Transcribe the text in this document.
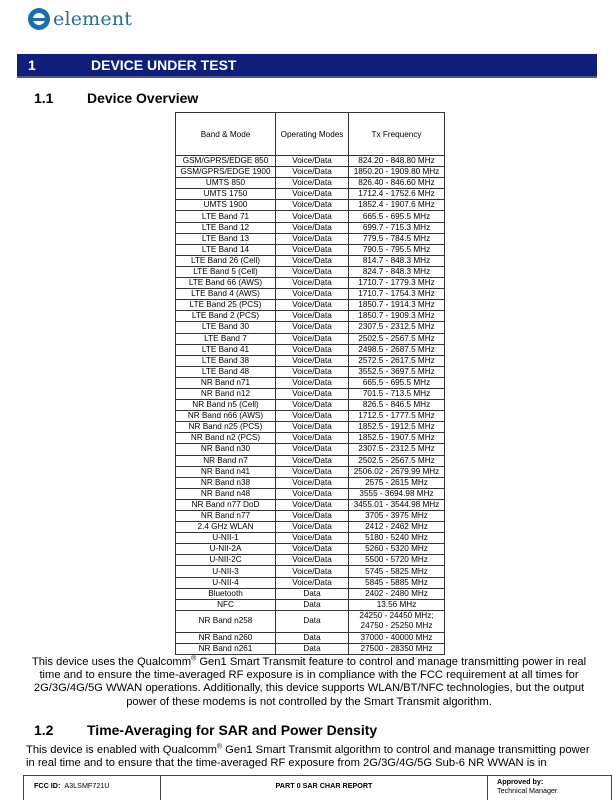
element
1	DEVICE UNDER TEST
1.1	Device Overview
Band & Mode	Operating Modes	Tx Frequency
GSM/GPRS/EDGE 850	Voice/Data	824.20 - 848.80 MHz
GSM/GPRS/EDGE 1900	Voice/Data	1850.20 - 1909.80 MHz
UMTS 850	Voice/Data	826.40 - 846.60 MHz
UMTS 1750	Voice/Data	1712.4 - 1752.6 MHz
UMTS 1900	Voice/Data	1852.4 - 1907.6 MHz
LTE Band 71	Voice/Data	665.5 - 695.5 MHz
LTE Band 12	Voice/Data	699.7 - 715.3 MHz
LTE Band 13	Voice/Data	779.5 - 784.5 MHz
LTE Band 14	Voice/Data	790.5 - 795.5 MHz
LTE Band 26 (Cell)	Voice/Data	814.7 - 848.3 MHz
LTE Band 5 (Cell)	Voice/Data	824.7 - 848.3 MHz
LTE Band 66 (AWS)	Voice/Data	1710.7 - 1779.3 MHz
LTE Band 4 (AWS)	Voice/Data	1710.7 - 1754.3 MHz
LTE Band 25 (PCS)	Voice/Data	1850.7 - 1914.3 MHz
LTE Band 2 (PCS)	Voice/Data	1850.7 - 1909.3 MHz
LTE Band 30	Voice/Data	2307.5 - 2312.5 MHz
LTE Band 7	Voice/Data	2502.5 - 2567.5 MHz
LTE Band 41	Voice/Data	2498.5 - 2687.5 MHz
LTE Band 38	Voice/Data	2572.5 - 2617.5 MHz
LTE Band 48	Voice/Data	3552.5 - 3697.5 MHz
NR Band n71	Voice/Data	665.5 - 695.5 MHz
NR Band n12	Voice/Data	701.5 - 713.5 MHz
NR Band n5 (Cell)	Voice/Data	826.5 - 846.5 MHz
NR Band n66 (AWS)	Voice/Data	1712.5 - 1777.5 MHz
NR Band n25 (PCS)	Voice/Data	1852.5 - 1912.5 MHz
NR Band n2 (PCS)	Voice/Data	1852.5 - 1907.5 MHz
NR Band n30	Voice/Data	2307.5 - 2312.5 MHz
NR Band n7	Voice/Data	2502.5 - 2567.5 MHz
NR Band n41	Voice/Data	2506.02 - 2679.99 MHz
NR Band n38	Voice/Data	2575 - 2615 MHz
NR Band n48	Voice/Data	3555 - 3694.98 MHz
NR Band n77 DoD	Voice/Data	3455.01 - 3544.98 MHz
NR Band n77	Voice/Data	3705 - 3975 MHz
2.4 GHz WLAN	Voice/Data	2412 - 2462 MHz
U-NII-1	Voice/Data	5180 - 5240 MHz
U-NII-2A	Voice/Data	5260 - 5320 MHz
U-NII-2C	Voice/Data	5500 - 5720 MHz
U-NII-3	Voice/Data	5745 - 5825 MHz
U-NII-4	Voice/Data	5845 - 5885 MHz
Bluetooth	Data	2402 - 2480 MHz
NFC	Data	13.56 MHz
NR Band n258	Data	24250 - 24450 MHz;
24750 - 25250 MHz

NR Band n260	Data	37000 - 40000 MHz
NR Band n261	Data	27500 - 28350 MHz
This device uses the Qualcomm® Gen1 Smart Transmit feature to control and manage transmitting power in real time and to ensure the time-averaged RF exposure is in compliance with the FCC requirement at all times for 2G/3G/4G/5G WWAN operations. Additionally, this device supports WLAN/BT/NFC technologies, but the output power of these modems is not controlled by the Smart Transmit algorithm.
1.2	Time-Averaging for SAR and Power Density
This device is enabled with Qualcomm® Gen1 Smart Transmit algorithm to control and manage transmitting power in real time and to ensure that the time-averaged RF exposure from 2G/3G/4G/5G Sub-6 NR WWAN is in
FCC ID: A3LSMF721U	PART 0 SAR CHAR REPORT	Approved by:
Technical Manager
